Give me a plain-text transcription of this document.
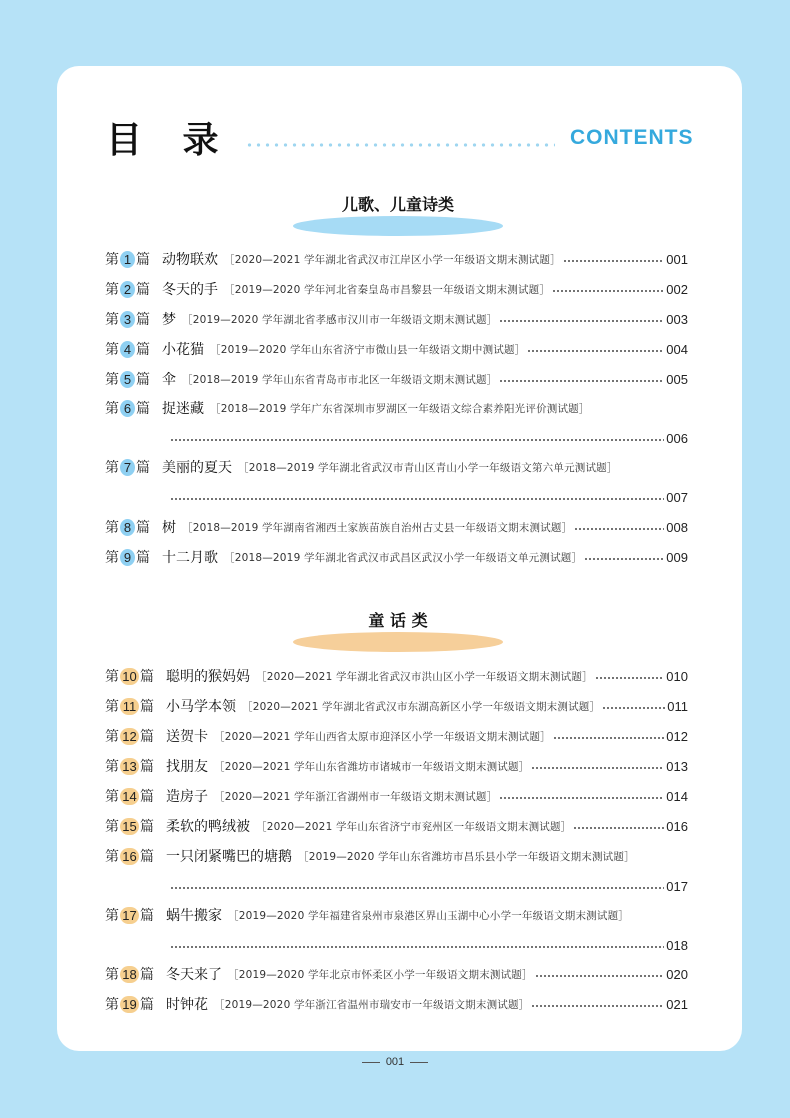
目 录	CONTENTS
儿歌、儿童诗类
童 话 类
第 1 篇 动物联欢 ［2020—2021 学年湖北省武汉市江岸区小学一年级语文期末测试题］	001
第 2 篇 冬天的手 ［2019—2020 学年河北省秦皇岛市昌黎县一年级语文期末测试题］	002
第 3 篇 梦 ［2019—2020 学年湖北省孝感市汉川市一年级语文期末测试题］	003
第 4 篇 小花猫 ［2019—2020 学年山东省济宁市微山县一年级语文期中测试题］	004
第 5 篇 伞 ［2018—2019 学年山东省青岛市市北区一年级语文期末测试题］	005
第 6 篇 捉迷藏 ［2018—2019 学年广东省深圳市罗湖区一年级语文综合素养阳光评价测试题］
006
第 7 篇 美丽的夏天 ［2018—2019 学年湖北省武汉市青山区青山小学一年级语文第六单元测试题］
007
第 8 篇 树 ［2018—2019 学年湖南省湘西土家族苗族自治州古丈县一年级语文期末测试题］	008
第 9 篇 十二月歌 ［2018—2019 学年湖北省武汉市武昌区武汉小学一年级语文单元测试题］	009
第 10 篇 聪明的猴妈妈 ［2020—2021 学年湖北省武汉市洪山区小学一年级语文期末测试题］	010
第 11 篇 小马学本领 ［2020—2021 学年湖北省武汉市东湖高新区小学一年级语文期末测试题］	011
第 12 篇 送贺卡 ［2020—2021 学年山西省太原市迎泽区小学一年级语文期末测试题］	012
第 13 篇 找朋友 ［2020—2021 学年山东省潍坊市诸城市一年级语文期末测试题］	013
第 14 篇 造房子 ［2020—2021 学年浙江省湖州市一年级语文期末测试题］	014
第 15 篇 柔软的鸭绒被 ［2020—2021 学年山东省济宁市兖州区一年级语文期末测试题］	016
第 16 篇 一只闭紧嘴巴的塘鹅 ［2019—2020 学年山东省潍坊市昌乐县小学一年级语文期末测试题］
017
第 17 篇 蜗牛搬家 ［2019—2020 学年福建省泉州市泉港区界山玉湖中心小学一年级语文期末测试题］
018
第 18 篇 冬天来了 ［2019—2020 学年北京市怀柔区小学一年级语文期末测试题］	020
第 19 篇 时钟花 ［2019—2020 学年浙江省温州市瑞安市一年级语文期末测试题］	021
001
